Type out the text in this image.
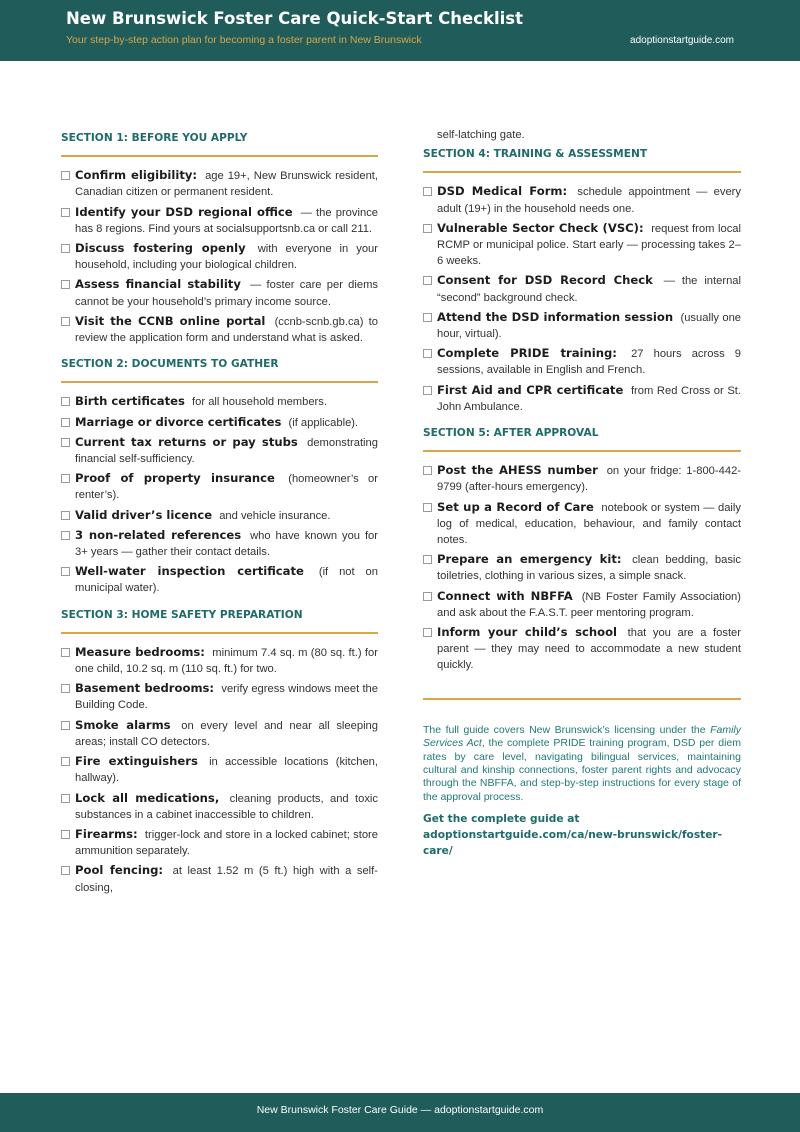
New Brunswick Foster Care Quick-Start Checklist
Your step-by-step action plan for becoming a foster parent in New Brunswick	adoptionstartguide.com
SECTION 1: BEFORE YOU APPLY
Confirm eligibility: age 19+, New Brunswick resident, Canadian citizen or permanent resident.
Identify your DSD regional office — the province has 8 regions. Find yours at socialsupportsnb.ca or call 211.
Discuss fostering openly with everyone in your household, including your biological children.
Assess financial stability — foster care per diems cannot be your household’s primary income source.
Visit the CCNB online portal (ccnb-scnb.gb.ca) to review the application form and understand what is asked.
SECTION 2: DOCUMENTS TO GATHER
Birth certificates for all household members.
Marriage or divorce certificates (if applicable).
Current tax returns or pay stubs demonstrating financial self-sufficiency.
Proof of property insurance (homeowner’s or renter’s).
Valid driver’s licence and vehicle insurance.
3 non-related references who have known you for 3+ years — gather their contact details.
Well-water inspection certificate (if not on municipal water).
SECTION 3: HOME SAFETY PREPARATION
Measure bedrooms: minimum 7.4 sq. m (80 sq. ft.) for one child, 10.2 sq. m (110 sq. ft.) for two.
Basement bedrooms: verify egress windows meet the Building Code.
Smoke alarms on every level and near all sleeping areas; install CO detectors.
Fire extinguishers in accessible locations (kitchen, hallway).
Lock all medications, cleaning products, and toxic substances in a cabinet inaccessible to children.
Firearms: trigger-lock and store in a locked cabinet; store ammunition separately.
Pool fencing: at least 1.52 m (5 ft.) high with a self-closing,
self-latching gate.
SECTION 4: TRAINING & ASSESSMENT
DSD Medical Form: schedule appointment — every adult (19+) in the household needs one.
Vulnerable Sector Check (VSC): request from local RCMP or municipal police. Start early — processing takes 2–6 weeks.
Consent for DSD Record Check — the internal “second” background check.
Attend the DSD information session (usually one hour, virtual).
Complete PRIDE training: 27 hours across 9 sessions, available in English and French.
First Aid and CPR certificate from Red Cross or St. John Ambulance.
SECTION 5: AFTER APPROVAL
Post the AHESS number on your fridge: 1-800-442-9799 (after-hours emergency).
Set up a Record of Care notebook or system — daily log of medical, education, behaviour, and family contact notes.
Prepare an emergency kit: clean bedding, basic toiletries, clothing in various sizes, a simple snack.
Connect with NBFFA (NB Foster Family Association) and ask about the F.A.S.T. peer mentoring program.
Inform your child’s school that you are a foster parent — they may need to accommodate a new student quickly.
The full guide covers New Brunswick’s licensing under the Family Services Act, the complete PRIDE training program, DSD per diem rates by care level, navigating bilingual services, maintaining cultural and kinship connections, foster parent rights and advocacy through the NBFFA, and step-by-step instructions for every stage of the approval process.
Get the complete guide at adoptionstartguide.com/ca/new-brunswick/foster-care/
New Brunswick Foster Care Guide — adoptionstartguide.com
